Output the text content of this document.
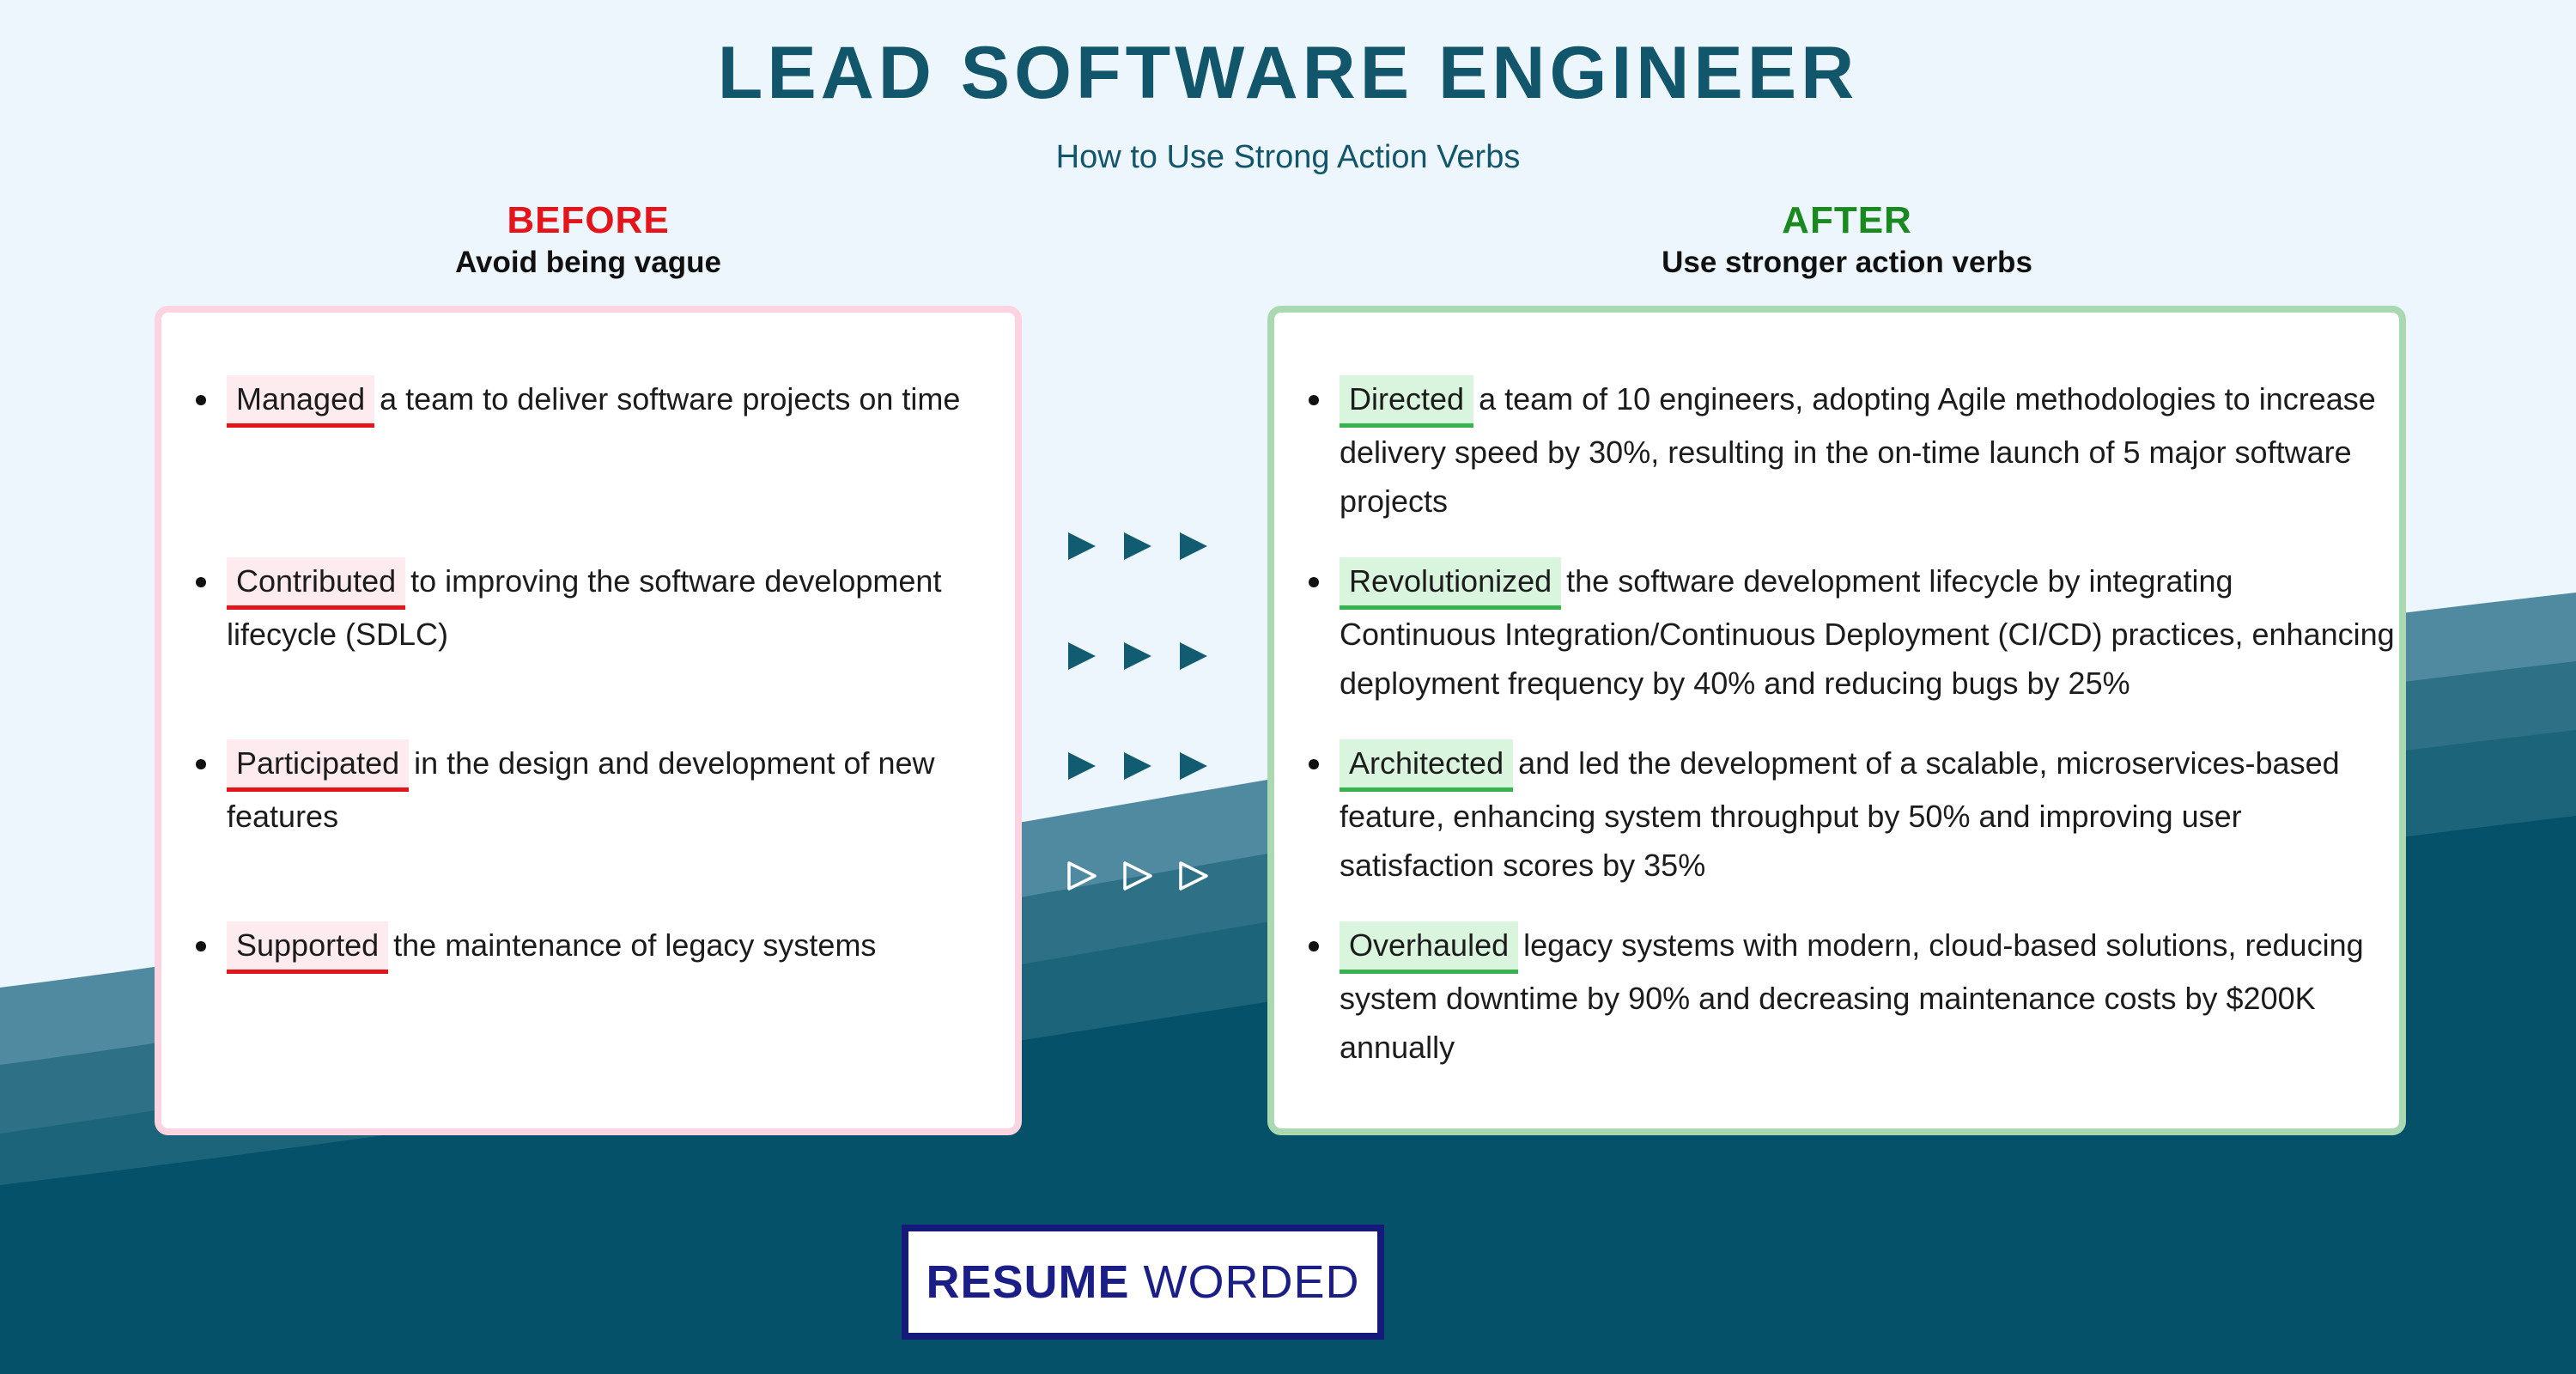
LEAD SOFTWARE ENGINEER
How to Use Strong Action Verbs
BEFORE
Avoid being vague
AFTER
Use stronger action verbs
Managed a team to deliver software projects on time
Contributed to improving the software development lifecycle (SDLC)
Participated in the design and development of new features
Supported the maintenance of legacy systems
Directed a team of 10 engineers, adopting Agile methodologies to increase delivery speed by 30%, resulting in the on-time launch of 5 major software projects
Revolutionized the software development lifecycle by integrating Continuous Integration/Continuous Deployment (CI/CD) practices, enhancing deployment frequency by 40% and reducing bugs by 25%
Architected and led the development of a scalable, microservices-based feature, enhancing system throughput by 50% and improving user satisfaction scores by 35%
Overhauled legacy systems with modern, cloud-based solutions, reducing system downtime by 90% and decreasing maintenance costs by $200K annually
RESUME WORDED
